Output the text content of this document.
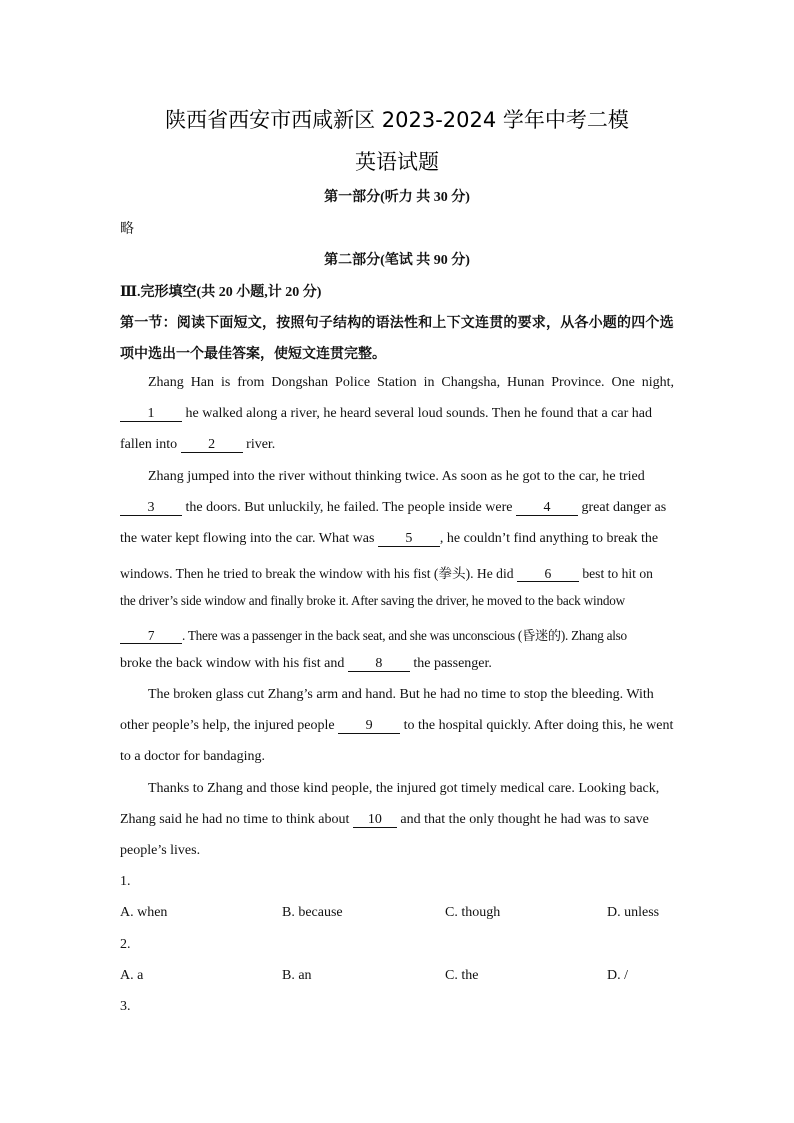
陕西省西安市西咸新区 2023-2024 学年中考二模
英语试题
第一部分(听力 共 30 分)
略
第二部分(笔试 共 90 分)
Ⅲ.完形填空(共 20 小题,计 20 分)
第一节：阅读下面短文，按照句子结构的语法性和上下文连贯的要求，从各小题的四个选
项中选出一个最佳答案，使短文连贯完整。
Zhang Han is from Dongshan Police Station in Changsha, Hunan Province. One night,
1 he walked along a river, he heard several loud sounds. Then he found that a car had
fallen into 2 river.
Zhang jumped into the river without thinking twice. As soon as he got to the car, he tried
3 the doors. But unluckily, he failed. The people inside were 4 great danger as
the water kept flowing into the car. What was 5 , he couldn’t find anything to break the
windows. Then he tried to break the window with his fist (拳头). He did 6 best to hit on
the driver’s side window and finally broke it. After saving the driver, he moved to the back window
7 . There was a passenger in the back seat, and she was unconscious (昏迷的). Zhang also
broke the back window with his fist and 8 the passenger.
The broken glass cut Zhang’s arm and hand. But he had no time to stop the bleeding. With
other people’s help, the injured people 9 to the hospital quickly. After doing this, he went
to a doctor for bandaging.
Thanks to Zhang and those kind people, the injured got timely medical care. Looking back,
Zhang said he had no time to think about 10 and that the only thought he had was to save
people’s lives.
1.
A. when	B. because	C. though	D. unless
2.
A. a	B. an	C. the	D. /
3.
